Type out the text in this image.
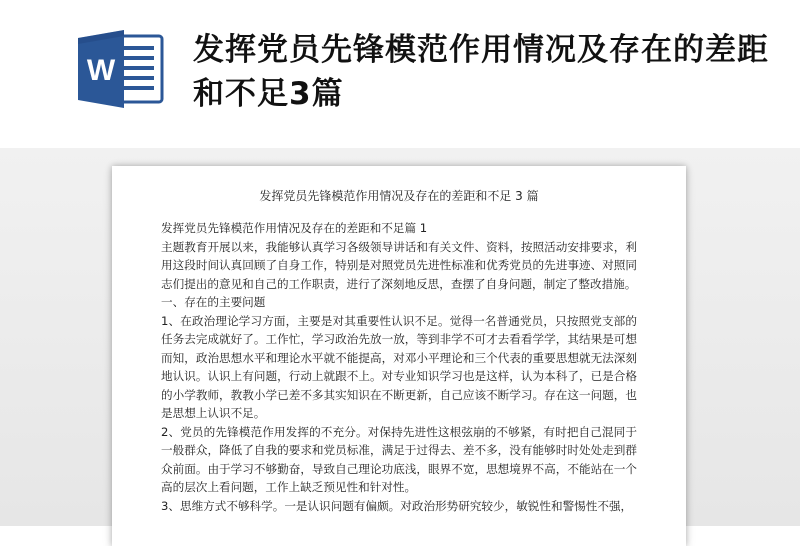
W
发挥党员先锋模范作用情况及存在的差距和不足3篇
发挥党员先锋模范作用情况及存在的差距和不足 3 篇

发挥党员先锋模范作用情况及存在的差距和不足篇 1

主题教育开展以来，我能够认真学习各级领导讲话和有关文件、资料，按照活动安排要求，利用这段时间认真回顾了自身工作，特别是对照党员先进性标准和优秀党员的先进事迹、对照同志们提出的意见和自己的工作职责，进行了深刻地反思，查摆了自身问题，制定了整改措施。

一、存在的主要问题

1、在政治理论学习方面，主要是对其重要性认识不足。觉得一名普通党员，只按照党支部的任务去完成就好了。工作忙，学习政治先放一放，等到非学不可才去看看学学，其结果是可想而知，政治思想水平和理论水平就不能提高，对邓小平理论和三个代表的重要思想就无法深刻地认识。认识上有问题，行动上就跟不上。对专业知识学习也是这样，认为本科了，已是合格的小学教师，教教小学已差不多其实知识在不断更新，自己应该不断学习。存在这一问题，也是思想上认识不足。

2、党员的先锋模范作用发挥的不充分。对保持先进性这根弦崩的不够紧，有时把自己混同于一般群众，降低了自我的要求和党员标准，满足于过得去、差不多，没有能够时时处处走到群众前面。由于学习不够勤奋，导致自己理论功底浅，眼界不宽，思想境界不高，不能站在一个高的层次上看问题，工作上缺乏预见性和针对性。

3、思维方式不够科学。一是认识问题有偏颇。对政治形势研究较少，敏锐性和警惕性不强，
